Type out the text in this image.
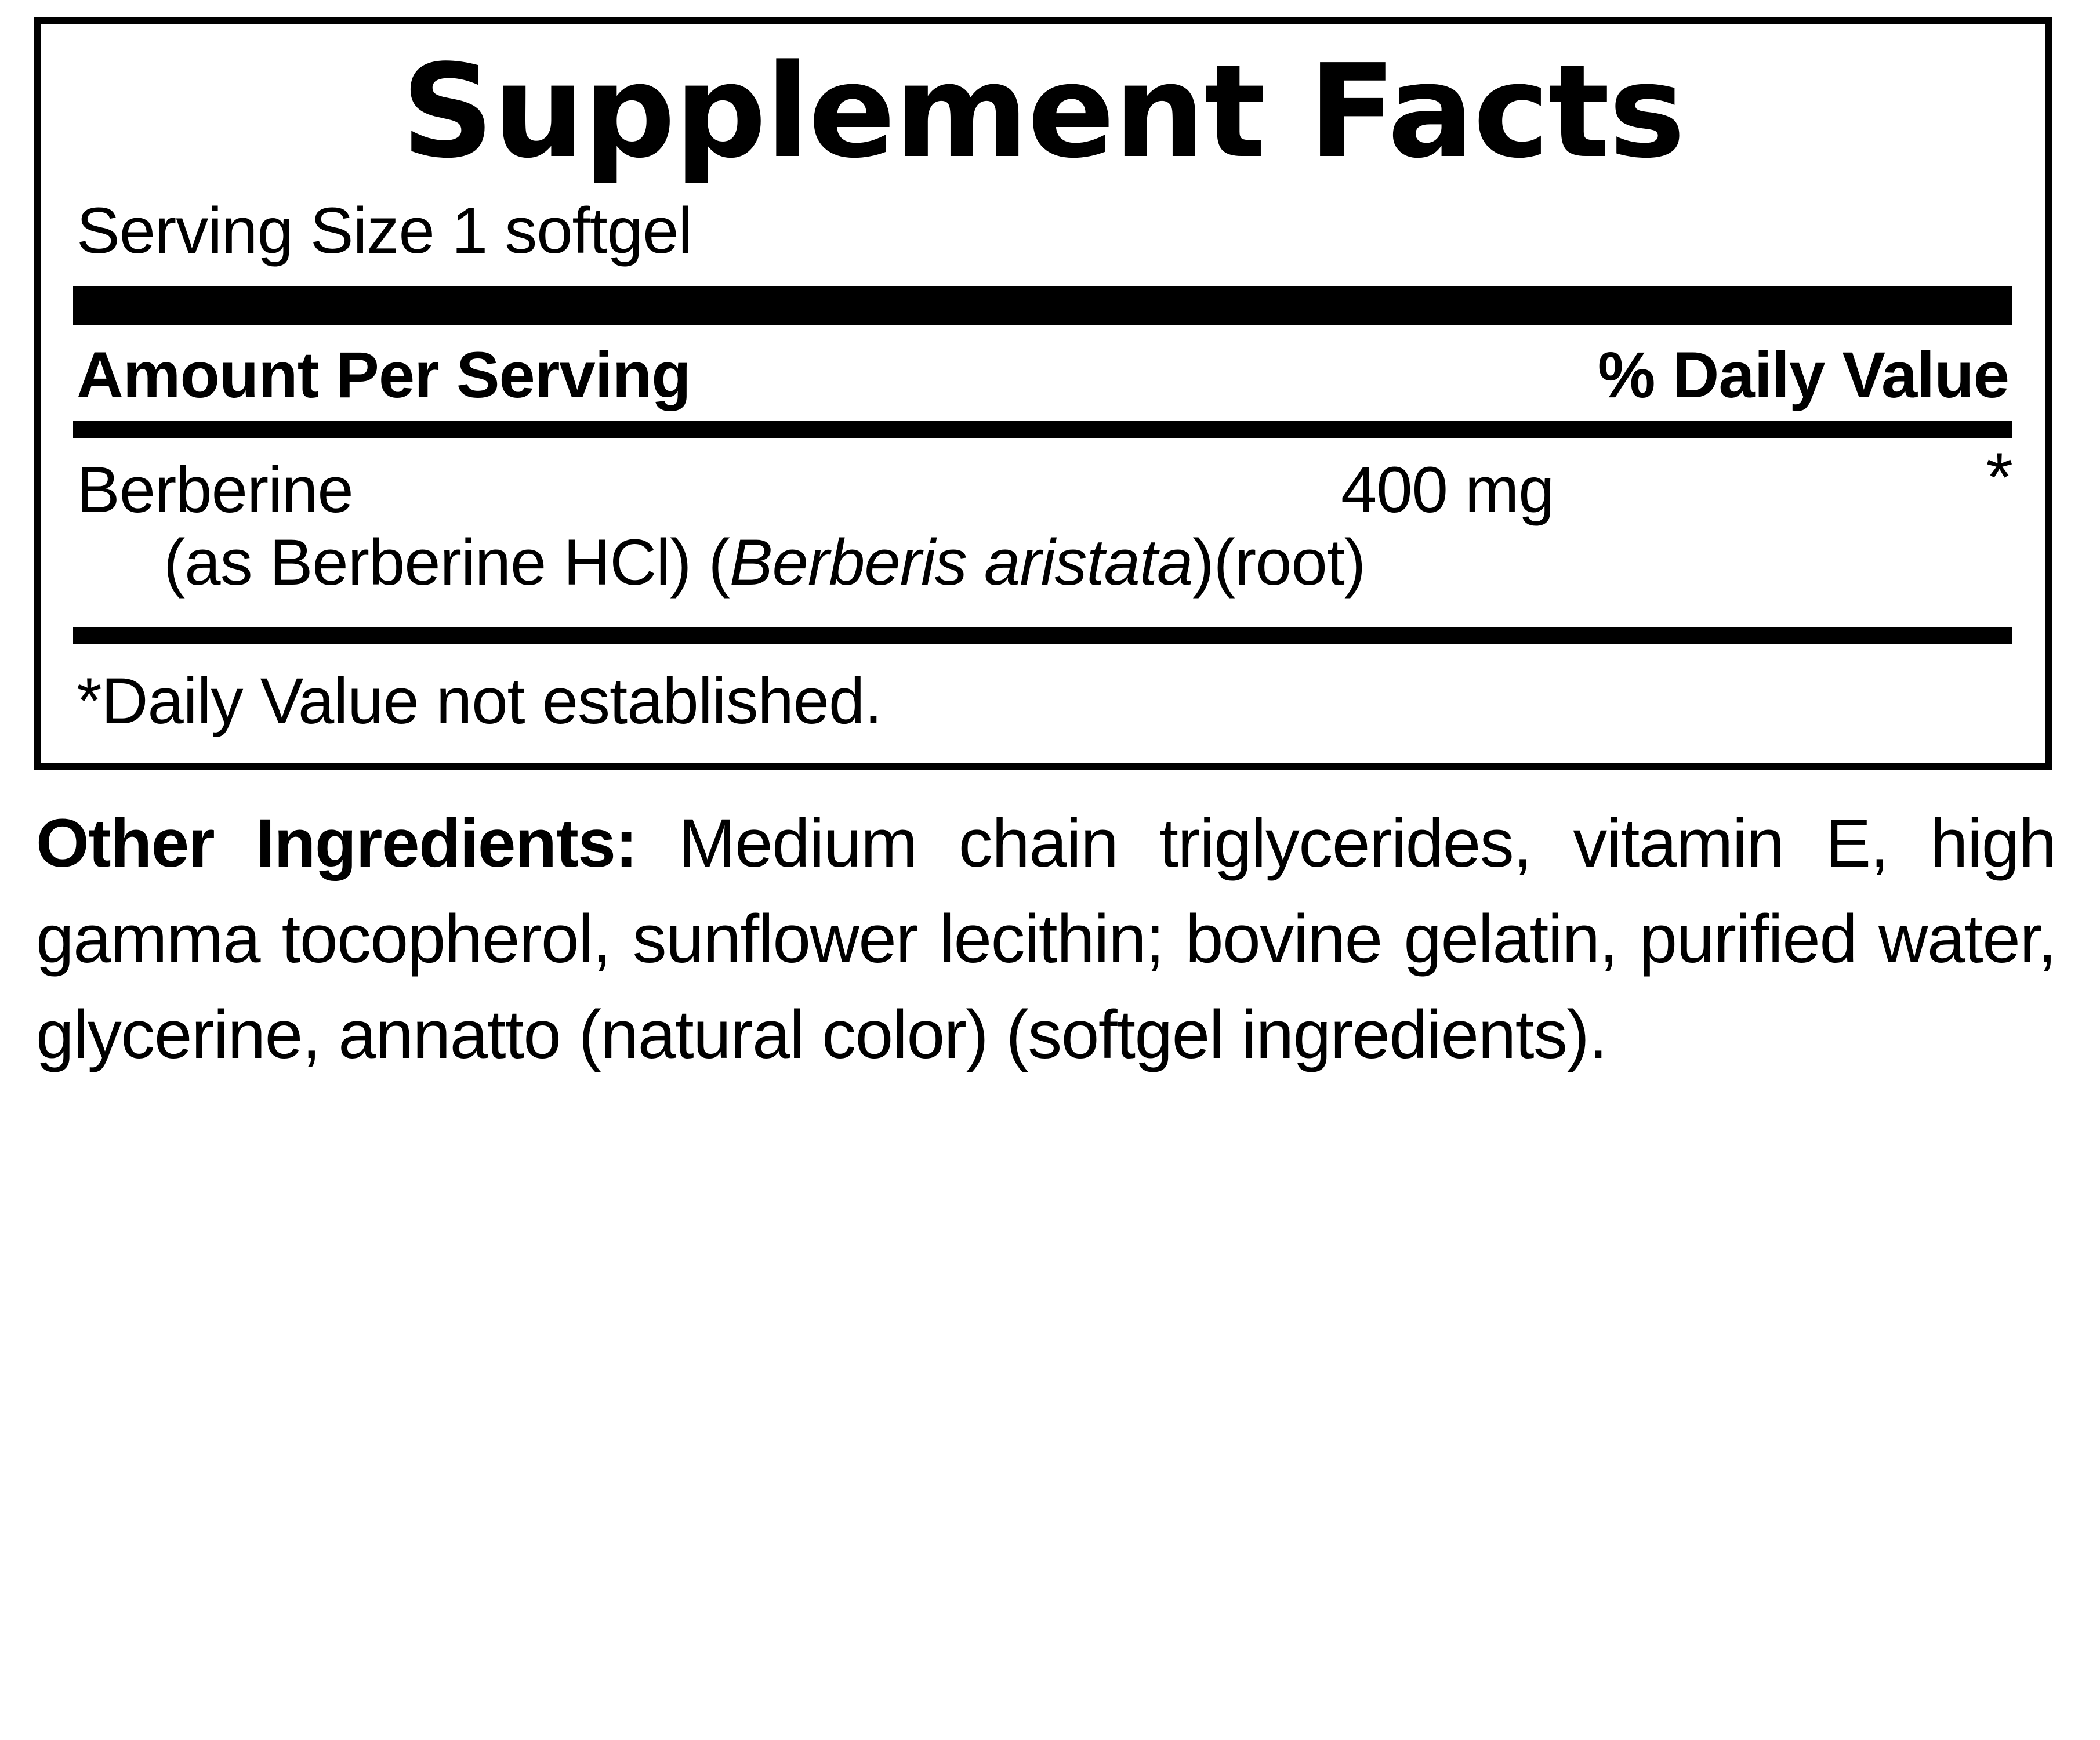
Supplement Facts
Serving Size 1 softgel
Amount Per Serving	% Daily Value
Berberine	400 mg	*
(as Berberine HCl) (Berberis aristata)(root)
*Daily Value not established.
Other Ingredients: Medium chain triglycerides, vitamin E, high gamma tocopherol, sunflower lecithin; bovine gelatin, purified water, glycerine, annatto (natural color) (softgel ingredients).
